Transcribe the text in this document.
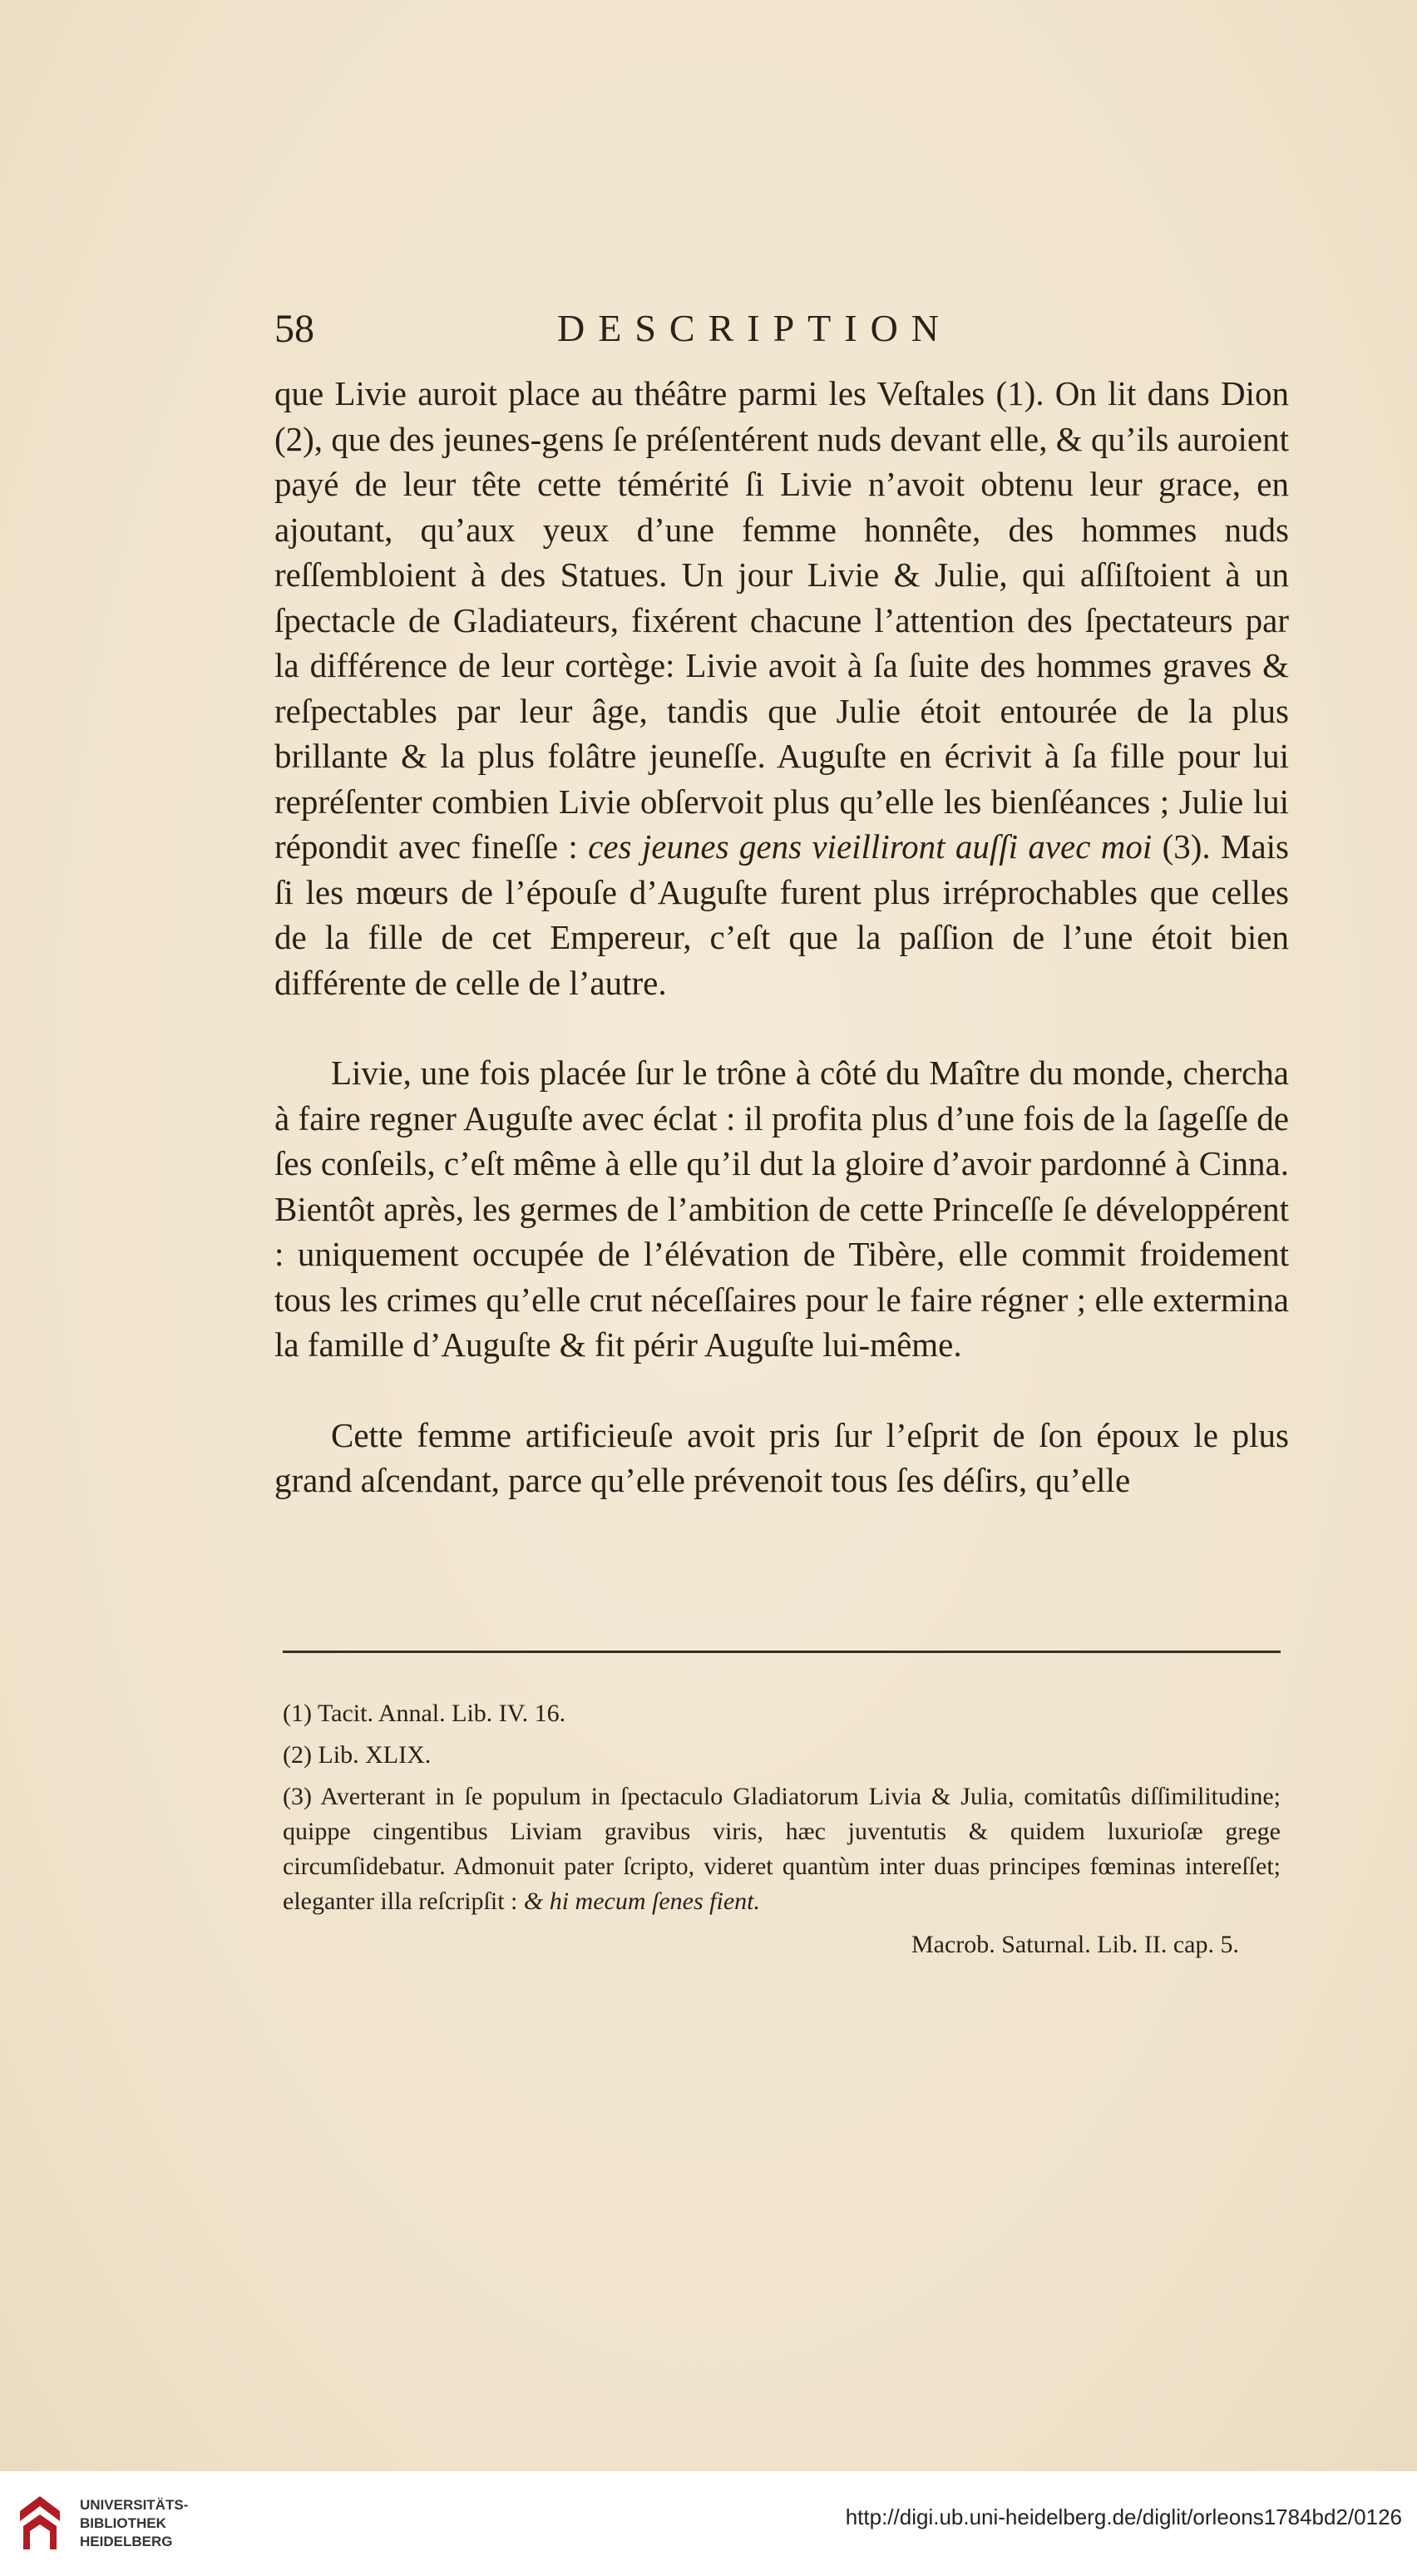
58	DESCRIPTION

que Livie auroit place au théâtre parmi les Veſtales (1). On lit dans Dion (2), que des jeunes-gens ſe préſentérent nuds devant elle, & qu’ils auroient payé de leur tête cette témérité ſi Livie n’avoit obtenu leur grace, en ajoutant, qu’aux yeux d’une femme honnête, des hommes nuds reſſembloient à des Statues. Un jour Livie & Julie, qui aſſiſtoient à un ſpectacle de Gladiateurs, fixérent chacune l’attention des ſpectateurs par la différence de leur cortège: Livie avoit à ſa ſuite des hommes graves & reſpectables par leur âge, tandis que Julie étoit entourée de la plus brillante & la plus folâtre jeuneſſe. Auguſte en écrivit à ſa fille pour lui repréſenter combien Livie obſervoit plus qu’elle les bienſéances ; Julie lui répondit avec fineſſe : ces jeunes gens vieilliront auſſi avec moi (3). Mais ſi les mœurs de l’épouſe d’Auguſte furent plus irréprochables que celles de la fille de cet Empereur, c’eſt que la paſſion de l’une étoit bien différente de celle de l’autre.

Livie, une fois placée ſur le trône à côté du Maître du monde, chercha à faire regner Auguſte avec éclat : il profita plus d’une fois de la ſageſſe de ſes conſeils, c’eſt même à elle qu’il dut la gloire d’avoir pardonné à Cinna. Bientôt après, les germes de l’ambition de cette Princeſſe ſe développérent : uniquement occupée de l’élévation de Tibère, elle commit froidement tous les crimes qu’elle crut néceſſaires pour le faire régner ; elle extermina la famille d’Auguſte & fit périr Auguſte lui-même.

Cette femme artificieuſe avoit pris ſur l’eſprit de ſon époux le plus grand aſcendant, parce qu’elle prévenoit tous ſes déſirs, qu’elle

(1) Tacit. Annal. Lib. IV. 16.

(2) Lib. XLIX.

(3) Averterant in ſe populum in ſpectaculo Gladiatorum Livia & Julia, comitatûs diſſimilitudine; quippe cingentibus Liviam gravibus viris, hæc juventutis & quidem luxurioſæ grege circumſidebatur. Admonuit pater ſcripto, videret quantùm inter duas principes fœminas intereſſet; eleganter illa reſcripſit : & hi mecum ſenes fient.

Macrob. Saturnal. Lib. II. cap. 5.

UNIVERSITÄTS-
BIBLIOTHEK
HEIDELBERG
http://digi.ub.uni-heidelberg.de/diglit/orleons1784bd2/0126
